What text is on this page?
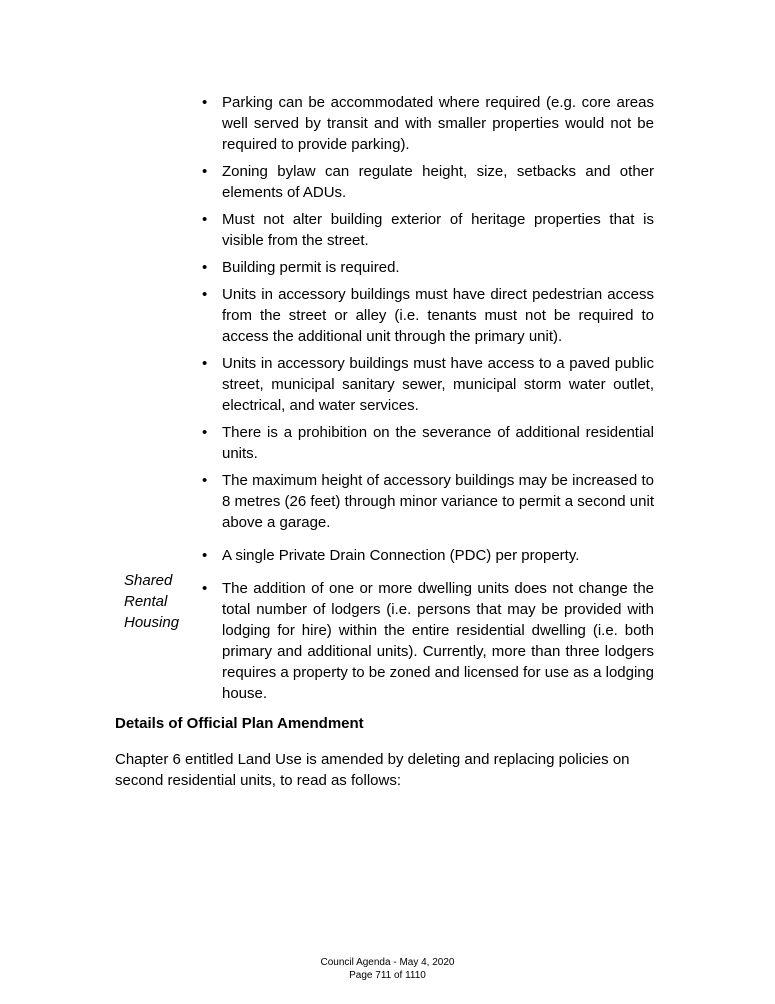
• Parking can be accommodated where required (e.g. core areas well served by transit and with smaller properties would not be required to provide parking).
• Zoning bylaw can regulate height, size, setbacks and other elements of ADUs.
• Must not alter building exterior of heritage properties that is visible from the street.
• Building permit is required.
• Units in accessory buildings must have direct pedestrian access from the street or alley (i.e. tenants must not be required to access the additional unit through the primary unit).
• Units in accessory buildings must have access to a paved public street, municipal sanitary sewer, municipal storm water outlet, electrical, and water services.
• There is a prohibition on the severance of additional residential units.
• The maximum height of accessory buildings may be increased to 8 metres (26 feet) through minor variance to permit a second unit above a garage.
• A single Private Drain Connection (PDC) per property.
• The addition of one or more dwelling units does not change the total number of lodgers (i.e. persons that may be provided with lodging for hire) within the entire residential dwelling (i.e. both primary and additional units). Currently, more than three lodgers requires a property to be zoned and licensed for use as a lodging house.
Shared
Rental
Housing
Details of Official Plan Amendment
Chapter 6 entitled Land Use is amended by deleting and replacing policies on second residential units, to read as follows:
Council Agenda - May 4, 2020
Page 711 of 1110
